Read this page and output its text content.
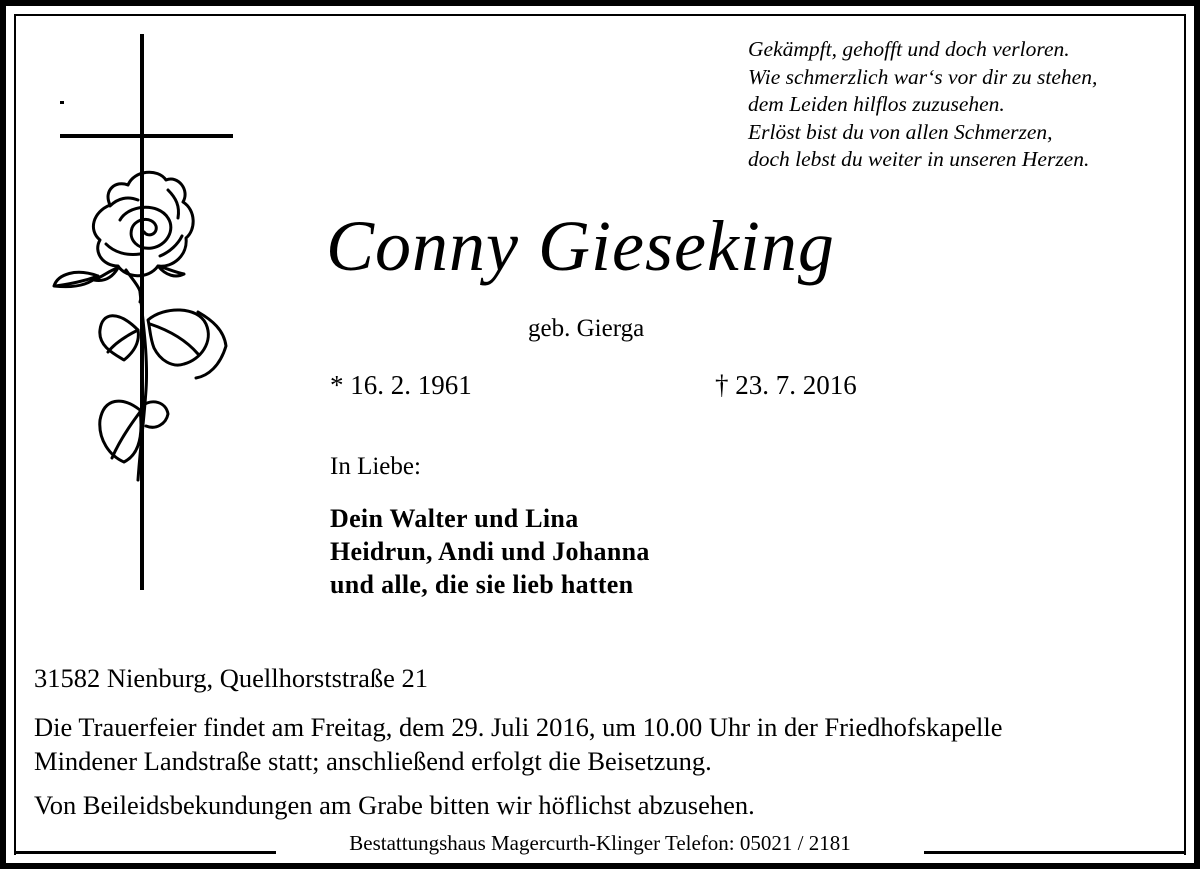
Gekämpft, gehofft und doch verloren.
Wie schmerzlich war‘s vor dir zu stehen,
dem Leiden hilflos zuzusehen.
Erlöst bist du von allen Schmerzen,
doch lebst du weiter in unseren Herzen.
Conny Gieseking
geb. Gierga
* 16. 2. 1961	† 23. 7. 2016
In Liebe:
Dein Walter und Lina
Heidrun, Andi und Johanna
und alle, die sie lieb hatten
31582 Nienburg, Quellhorststraße 21
Die Trauerfeier findet am Freitag, dem 29. Juli 2016, um 10.00 Uhr in der Friedhofskapelle
Mindener Landstraße statt; anschließend erfolgt die Beisetzung.
Von Beileidsbekundungen am Grabe bitten wir höflichst abzusehen.
Bestattungshaus Magercurth-Klinger Telefon: 05021 / 2181
